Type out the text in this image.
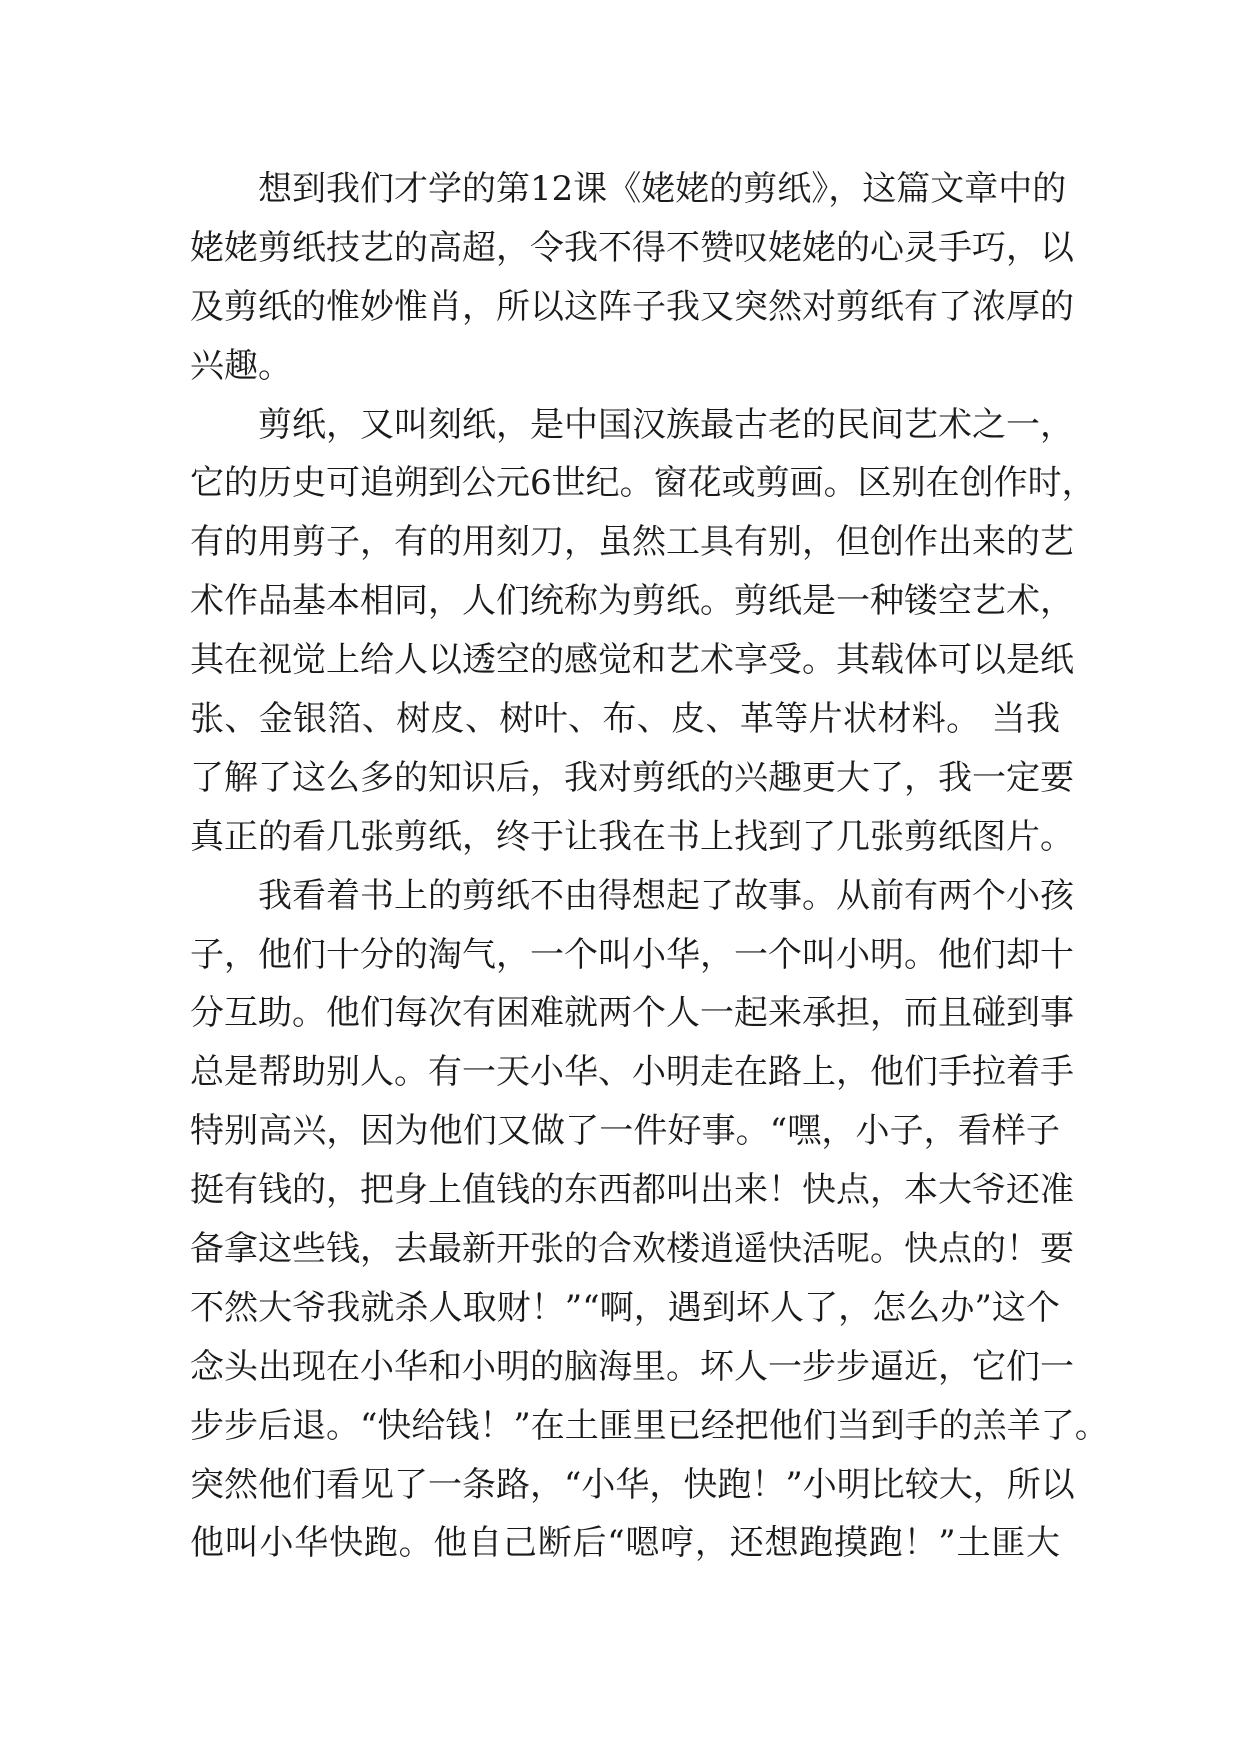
想到我们才学的第12课《姥姥的剪纸》，这篇文章中的
姥姥剪纸技艺的高超，令我不得不赞叹姥姥的心灵手巧，以
及剪纸的惟妙惟肖，所以这阵子我又突然对剪纸有了浓厚的
兴趣。
剪纸，又叫刻纸，是中国汉族最古老的民间艺术之一，
它的历史可追朔到公元6世纪。窗花或剪画。区别在创作时，
有的用剪子，有的用刻刀，虽然工具有别，但创作出来的艺
术作品基本相同，人们统称为剪纸。剪纸是一种镂空艺术，
其在视觉上给人以透空的感觉和艺术享受。其载体可以是纸
张、金银箔、树皮、树叶、布、皮、革等片状材料。 当我
了解了这么多的知识后，我对剪纸的兴趣更大了，我一定要
真正的看几张剪纸，终于让我在书上找到了几张剪纸图片。
我看着书上的剪纸不由得想起了故事。从前有两个小孩
子，他们十分的淘气，一个叫小华，一个叫小明。他们却十
分互助。他们每次有困难就两个人一起来承担，而且碰到事
总是帮助别人。有一天小华、小明走在路上，他们手拉着手
特别高兴，因为他们又做了一件好事。“嘿，小子，看样子
挺有钱的，把身上值钱的东西都叫出来！快点，本大爷还准
备拿这些钱，去最新开张的合欢楼逍遥快活呢。快点的！要
不然大爷我就杀人取财！”“啊，遇到坏人了，怎么办”这个
念头出现在小华和小明的脑海里。坏人一步步逼近，它们一
步步后退。“快给钱！”在土匪里已经把他们当到手的羔羊了。
突然他们看见了一条路，“小华，快跑！”小明比较大，所以
他叫小华快跑。他自己断后“嗯哼，还想跑摸跑！”土匪大
